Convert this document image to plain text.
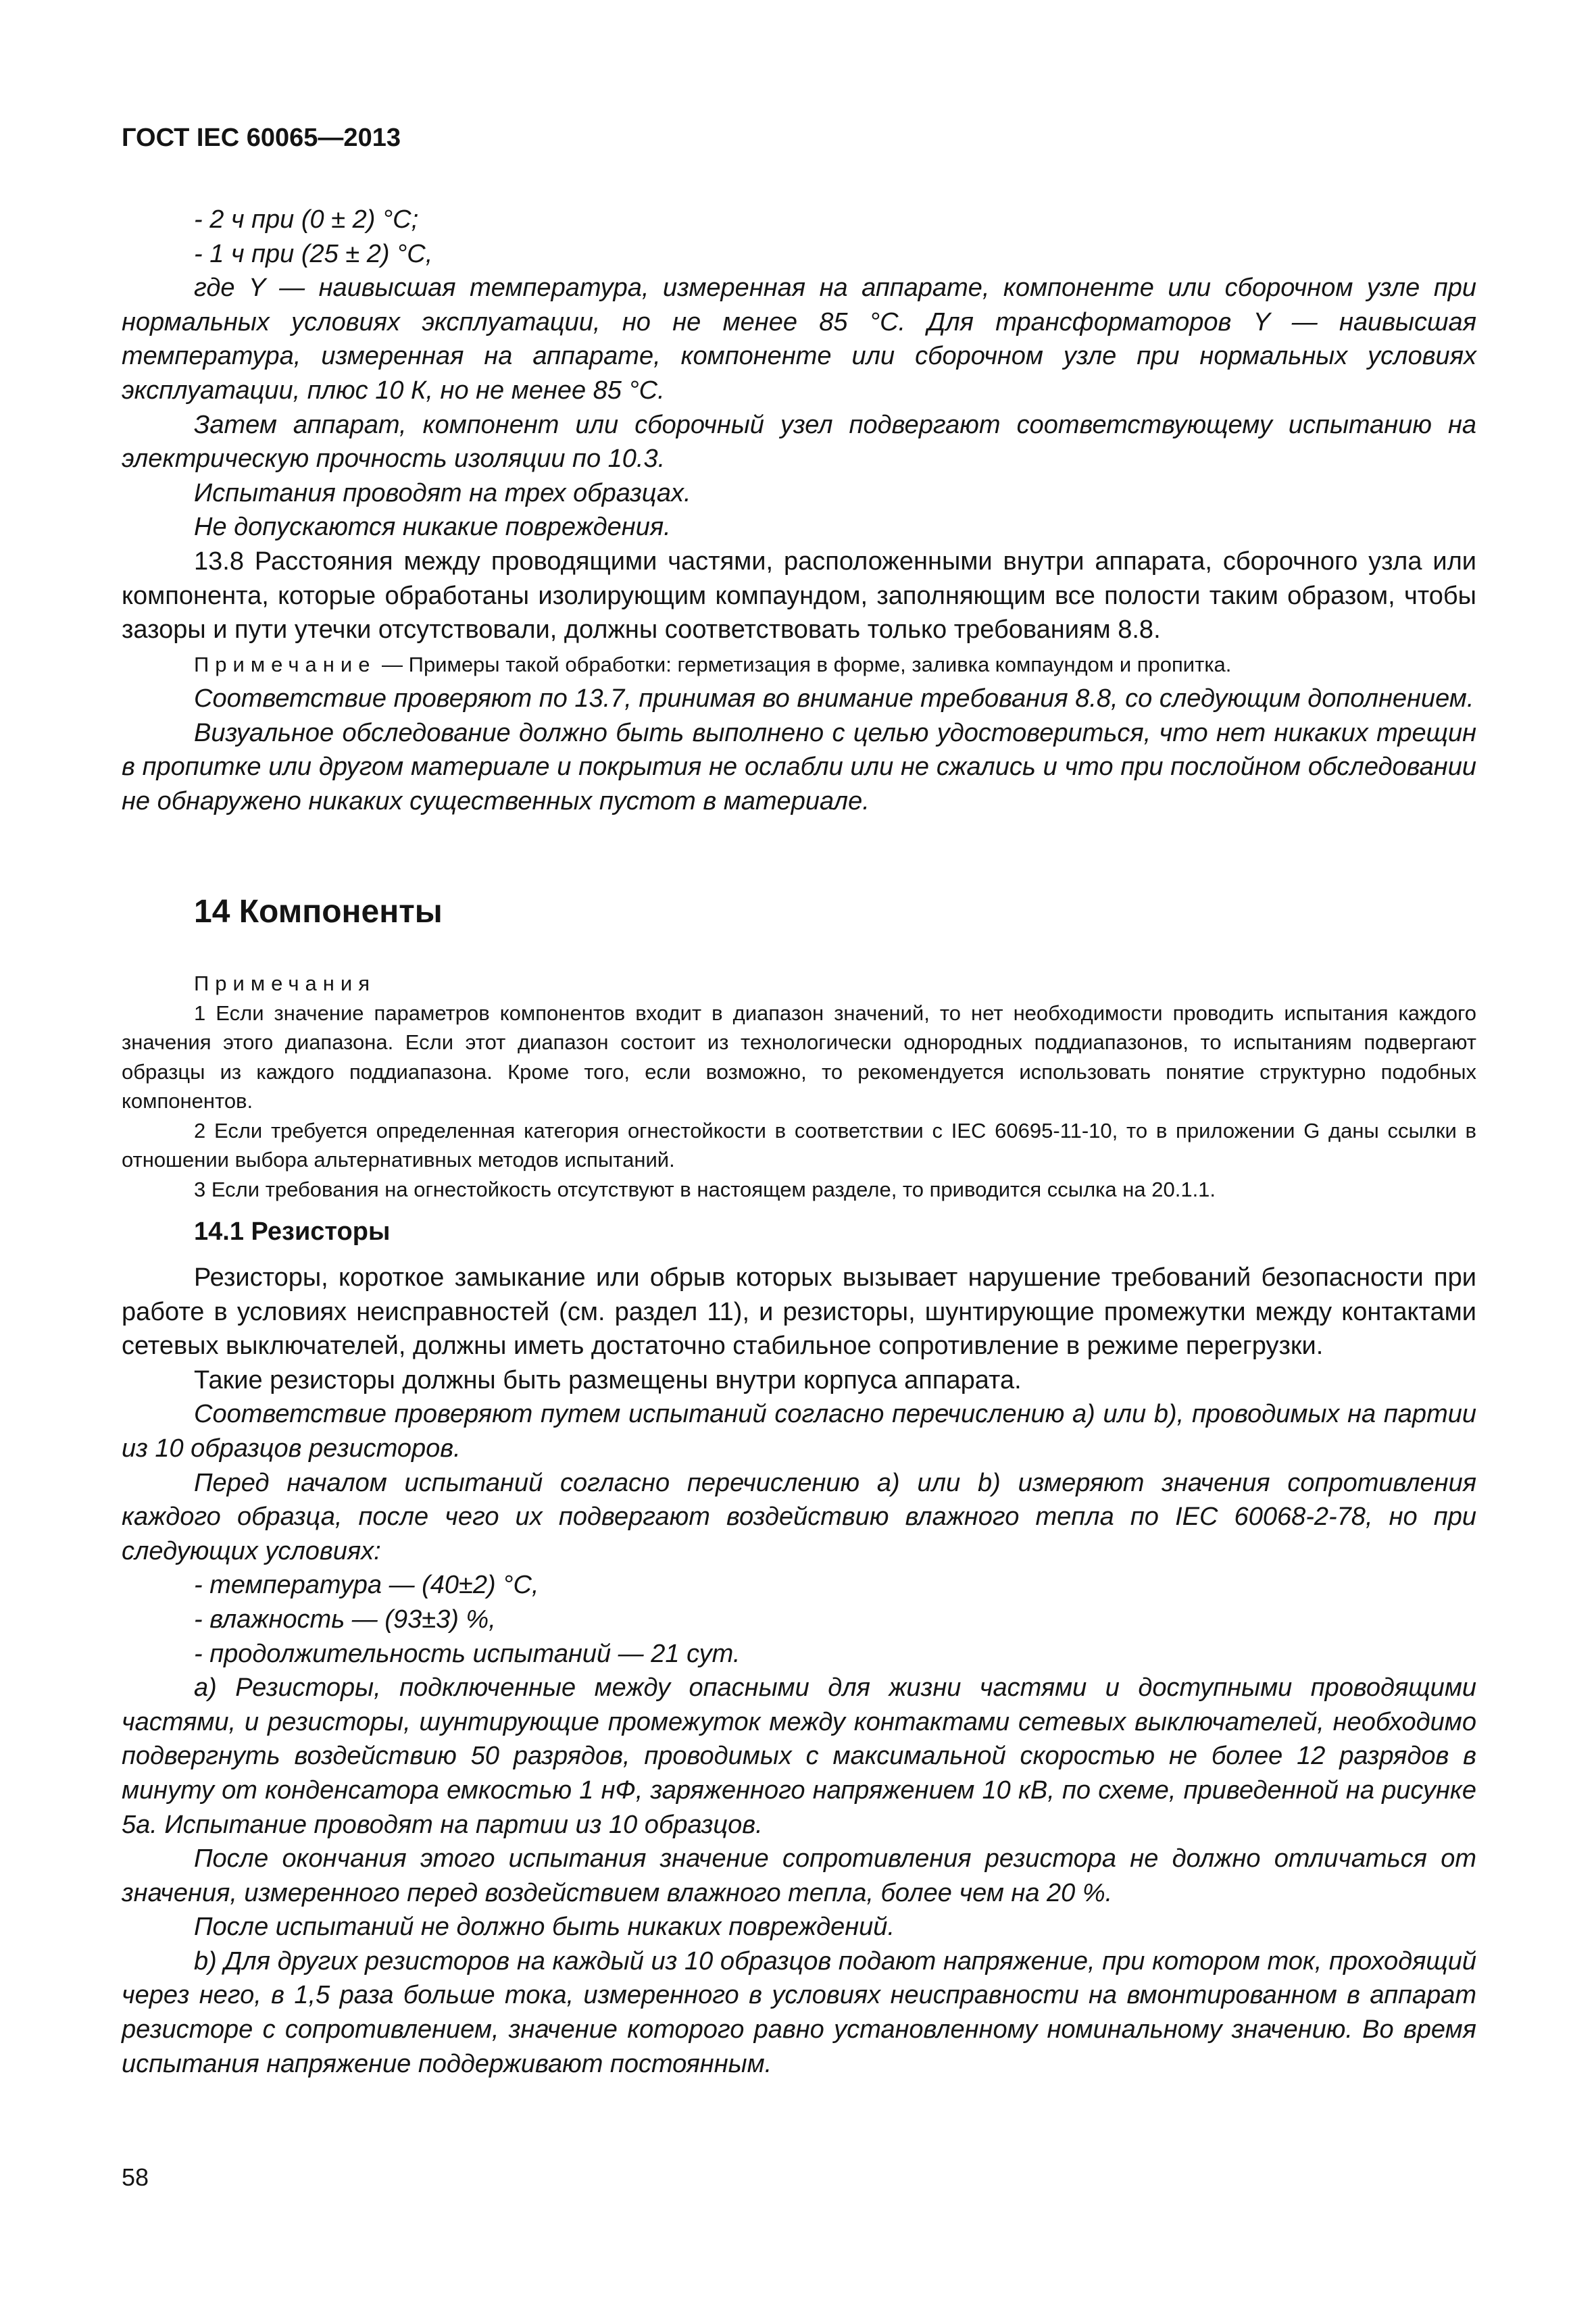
ГОСТ IEC 60065—2013

- 2 ч при (0 ± 2) °С;

- 1 ч при (25 ± 2) °С,

где Y — наивысшая температура, измеренная на аппарате, компоненте или сборочном узле при нормальных условиях эксплуатации, но не менее 85 °С. Для трансформаторов Y — наивысшая температура, измеренная на аппарате, компоненте или сборочном узле при нормальных условиях эксплуатации, плюс 10 К, но не менее 85 °С.

Затем аппарат, компонент или сборочный узел подвергают соответствующему испытанию на электрическую прочность изоляции по 10.3.

Испытания проводят на трех образцах.

Не допускаются никакие повреждения.

13.8 Расстояния между проводящими частями, расположенными внутри аппарата, сборочного узла или компонента, которые обработаны изолирующим компаундом, заполняющим все полости таким образом, чтобы зазоры и пути утечки отсутствовали, должны соответствовать только требованиям 8.8.

Примечание — Примеры такой обработки: герметизация в форме, заливка компаундом и пропитка.

Соответствие проверяют по 13.7, принимая во внимание требования 8.8, со следующим дополнением.

Визуальное обследование должно быть выполнено с целью удостовериться, что нет никаких трещин в пропитке или другом материале и покрытия не ослабли или не сжались и что при послойном обследовании не обнаружено никаких существенных пустот в материале.

14 Компоненты

Примечания

1 Если значение параметров компонентов входит в диапазон значений, то нет необходимости проводить испытания каждого значения этого диапазона. Если этот диапазон состоит из технологически однородных поддиапазонов, то испытаниям подвергают образцы из каждого поддиапазона. Кроме того, если возможно, то рекомендуется использовать понятие структурно подобных компонентов.

2 Если требуется определенная категория огнестойкости в соответствии с IEC 60695-11-10, то в приложении G даны ссылки в отношении выбора альтернативных методов испытаний.

3 Если требования на огнестойкость отсутствуют в настоящем разделе, то приводится ссылка на 20.1.1.

14.1 Резисторы

Резисторы, короткое замыкание или обрыв которых вызывает нарушение требований безопасности при работе в условиях неисправностей (см. раздел 11), и резисторы, шунтирующие промежутки между контактами сетевых выключателей, должны иметь достаточно стабильное сопротивление в режиме перегрузки.

Такие резисторы должны быть размещены внутри корпуса аппарата.

Соответствие проверяют путем испытаний согласно перечислению а) или b), проводимых на партии из 10 образцов резисторов.

Перед началом испытаний согласно перечислению а) или b) измеряют значения сопротивления каждого образца, после чего их подвергают воздействию влажного тепла по IEC 60068-2-78, но при следующих условиях:

- температура — (40±2) °С,

- влажность — (93±3) %,

- продолжительность испытаний — 21 сут.

а) Резисторы, подключенные между опасными для жизни частями и доступными проводящими частями, и резисторы, шунтирующие промежуток между контактами сетевых выключателей, необходимо подвергнуть воздействию 50 разрядов, проводимых с максимальной скоростью не более 12 разрядов в минуту от конденсатора емкостью 1 нФ, заряженного напряжением 10 кВ, по схеме, приведенной на рисунке 5а. Испытание проводят на партии из 10 образцов.

После окончания этого испытания значение сопротивления резистора не должно отличаться от значения, измеренного перед воздействием влажного тепла, более чем на 20 %.

После испытаний не должно быть никаких повреждений.

b) Для других резисторов на каждый из 10 образцов подают напряжение, при котором ток, проходящий через него, в 1,5 раза больше тока, измеренного в условиях неисправности на вмонтированном в аппарат резисторе с сопротивлением, значение которого равно установленному номинальному значению. Во время испытания напряжение поддерживают постоянным.

58
